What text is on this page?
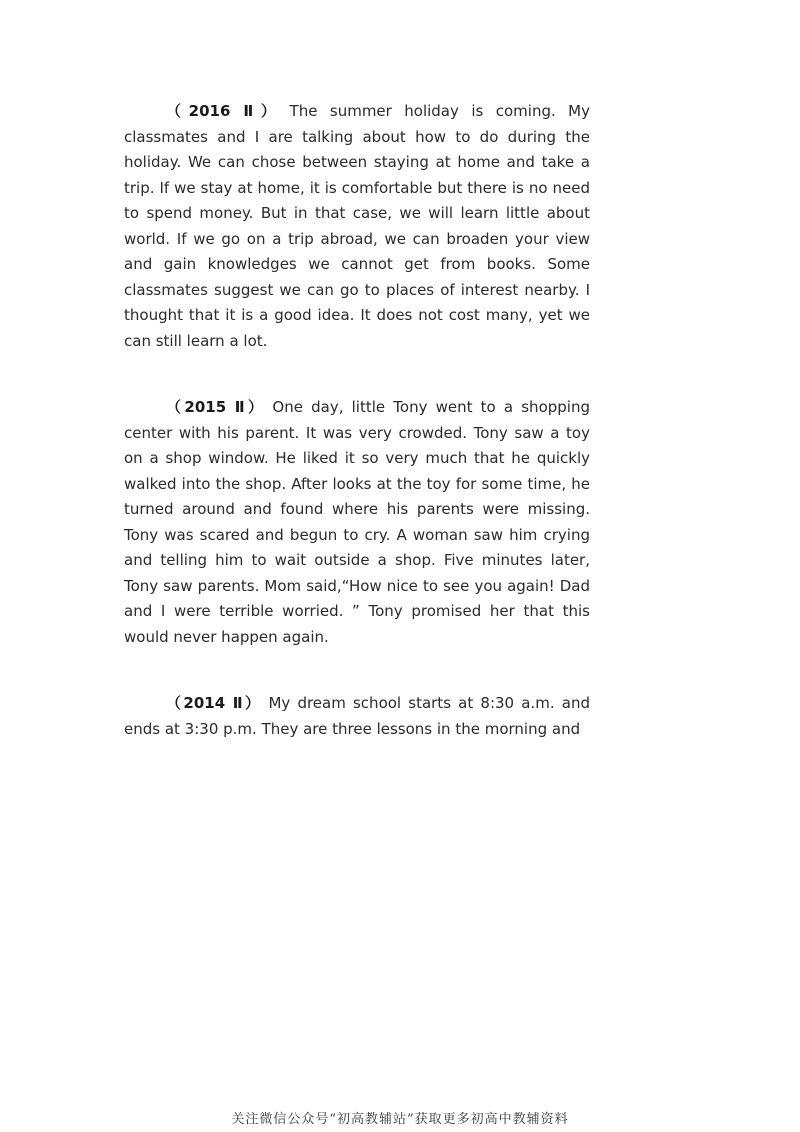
（2016 Ⅱ） The summer holiday is coming. My classmates and I are talking about how to do during the holiday. We can chose between staying at home and take a trip. If we stay at home, it is comfortable but there is no need to spend money. But in that case, we will learn little about world. If we go on a trip abroad, we can broaden your view and gain knowledges we cannot get from books. Some classmates suggest we can go to places of interest nearby. I thought that it is a good idea. It does not cost many, yet we can still learn a lot.

（2015 Ⅱ） One day, little Tony went to a shopping center with his parent. It was very crowded. Tony saw a toy on a shop window. He liked it so very much that he quickly walked into the shop. After looks at the toy for some time, he turned around and found where his parents were missing. Tony was scared and begun to cry. A woman saw him crying and telling him to wait outside a shop. Five minutes later, Tony saw parents. Mom said,“How nice to see you again! Dad and I were terrible worried. ” Tony promised her that this would never happen again.

（2014 Ⅱ） My dream school starts at 8:30 a.m. and ends at 3:30 p.m. They are three lessons in the morning and

关注微信公众号“初高教辅站”获取更多初高中教辅资料
